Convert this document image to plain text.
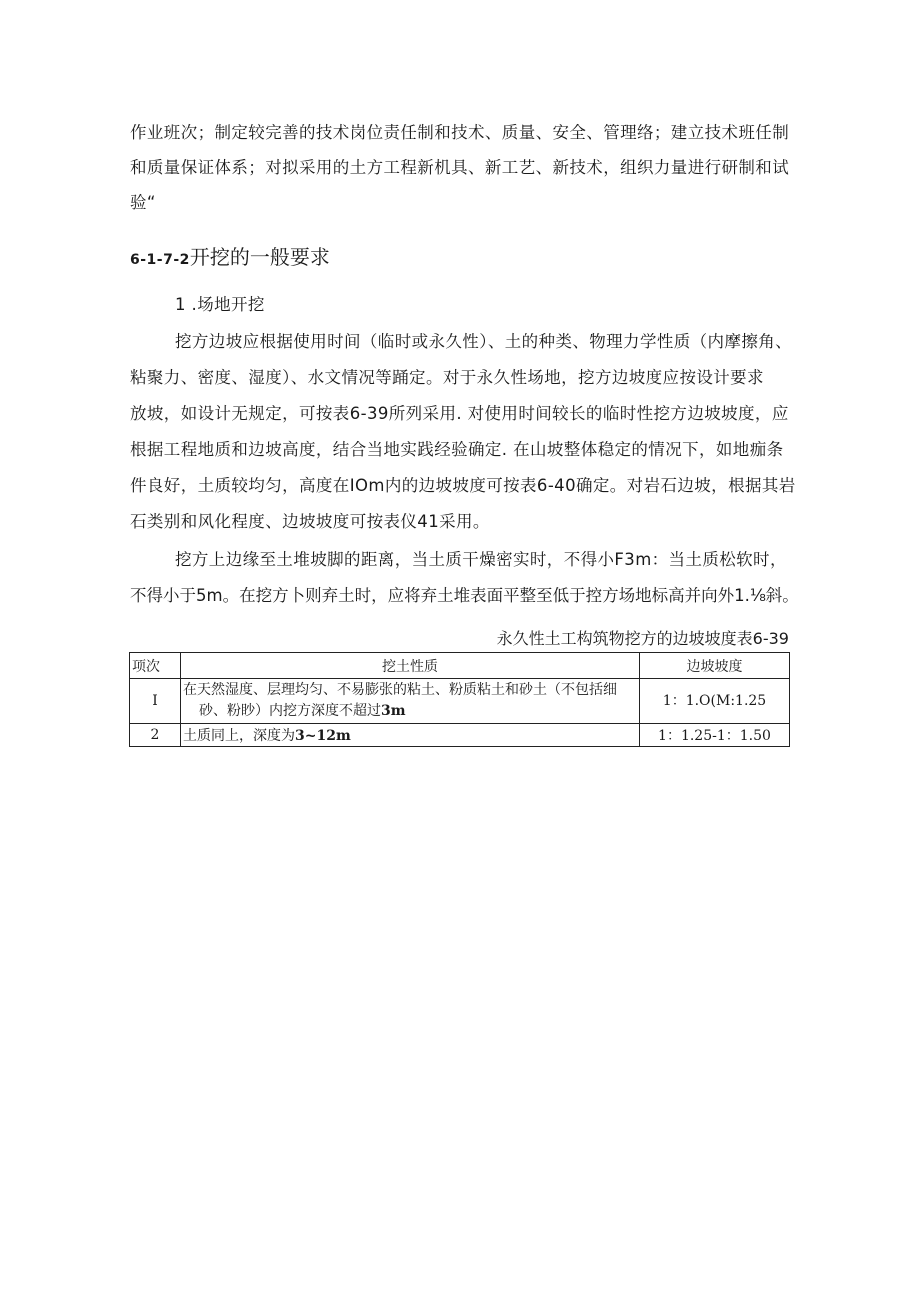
作业班次；制定较完善的技术岗位责任制和技术、质量、安全、管理络；建立技术班任制
和质量保证体系；对拟采用的土方工程新机具、新工艺、新技术，组织力量进行研制和试
验“
6-1-7-2开挖的一般要求
1 .场地开挖
挖方边坡应根据使用时间（临时或永久性）、土的种类、物理力学性质（内摩擦角、
粘聚力、密度、湿度）、水文情况等踊定。对于永久性场地，挖方边坡度应按设计要求
放坡，如设计无规定，可按表6-39所列采用. 对使用时间较长的临时性挖方边坡坡度，应
根据工程地质和边坡高度，结合当地实践经验确定. 在山坡整体稳定的情况下，如地痂条
件良好，土质较均匀，高度在IOm内的边坡坡度可按表6-40确定。对岩石边坡，根据其岩
石类别和风化程度、边坡坡度可按表仪41采用。
挖方上边缘至土堆坡脚的距离，当土质干燥密实时，不得小F3m：当土质松软时，
不得小于5m。在挖方卜则弃土时，应将弃土堆表面平整至低于控方场地标高并向外1.⅛斜。
永久性土工构筑物挖方的边坡坡度表6-39
项次	挖土性质	边坡坡度
I	在天然湿度、层理均匀、不易膨张的粘土、粉质粘土和砂土（不包括细
砂、粉眇）内挖方深度不超过3m	1：1.O(M:1.25
2	土质同上，深度为3~12m	1：1.25-1：1.50
